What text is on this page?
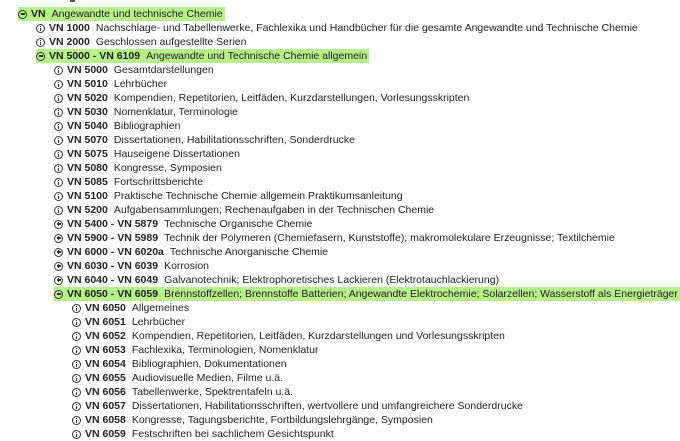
VN Angewandte und technische Chemie
VN 1000 Nachschlage- und Tabellenwerke, Fachlexika und Handbücher für die gesamte Angewandte und Technische Chemie
VN 2000 Geschlossen aufgestellte Serien
VN 5000 - VN 6109 Angewandte und Technische Chemie allgemein
VN 5000 Gesamtdarstellungen
VN 5010 Lehrbücher
VN 5020 Kompendien, Repetitorien, Leitfäden, Kurzdarstellungen, Vorlesungsskripten
VN 5030 Nomenklatur, Terminologie
VN 5040 Bibliographien
VN 5070 Dissertationen, Habilitationsschriften, Sonderdrucke
VN 5075 Hauseigene Dissertationen
VN 5080 Kongresse, Symposien
VN 5085 Fortschrittsberichte
VN 5100 Praktische Technische Chemie allgemein Praktikumsanleitung
VN 5200 Aufgabensammlungen; Rechenaufgaben in der Technischen Chemie
VN 5400 - VN 5879 Technische Organische Chemie
VN 5900 - VN 5989 Technik der Polymeren (Chemiefasern, Kunststoffe); makromolekulare Erzeugnisse; Textilchemie
VN 6000 - VN 6020a Technische Anorganische Chemie
VN 6030 - VN 6039 Korrosion
VN 6040 - VN 6049 Galvanotechnik; Elektrophoretisches Lackieren (Elektrotauchlackierung)
VN 6050 - VN 6059 Brennstoffzellen; Brennstoffe Batterien; Angewandte Elektrochemie; Solarzellen; Wasserstoff als Energieträger
VN 6050 Allgemeines
VN 6051 Lehrbücher
VN 6052 Kompendien, Repetitorien, Leitfäden, Kurzdarstellungen und Vorlesungsskripten
VN 6053 Fachlexika, Terminologien, Nomenklatur
VN 6054 Bibliographien, Dokumentationen
VN 6055 Audiovisuelle Medien, Filme u.ä.
VN 6056 Tabellenwerke, Spektrentafeln u.ä.
VN 6057 Dissertationen, Habilitationsschriften, wertvollere und umfangreichere Sonderdrucke
VN 6058 Kongresse, Tagungsberichte, Fortbildungslehrgänge, Symposien
VN 6059 Festschriften bei sachlichem Gesichtspunkt
